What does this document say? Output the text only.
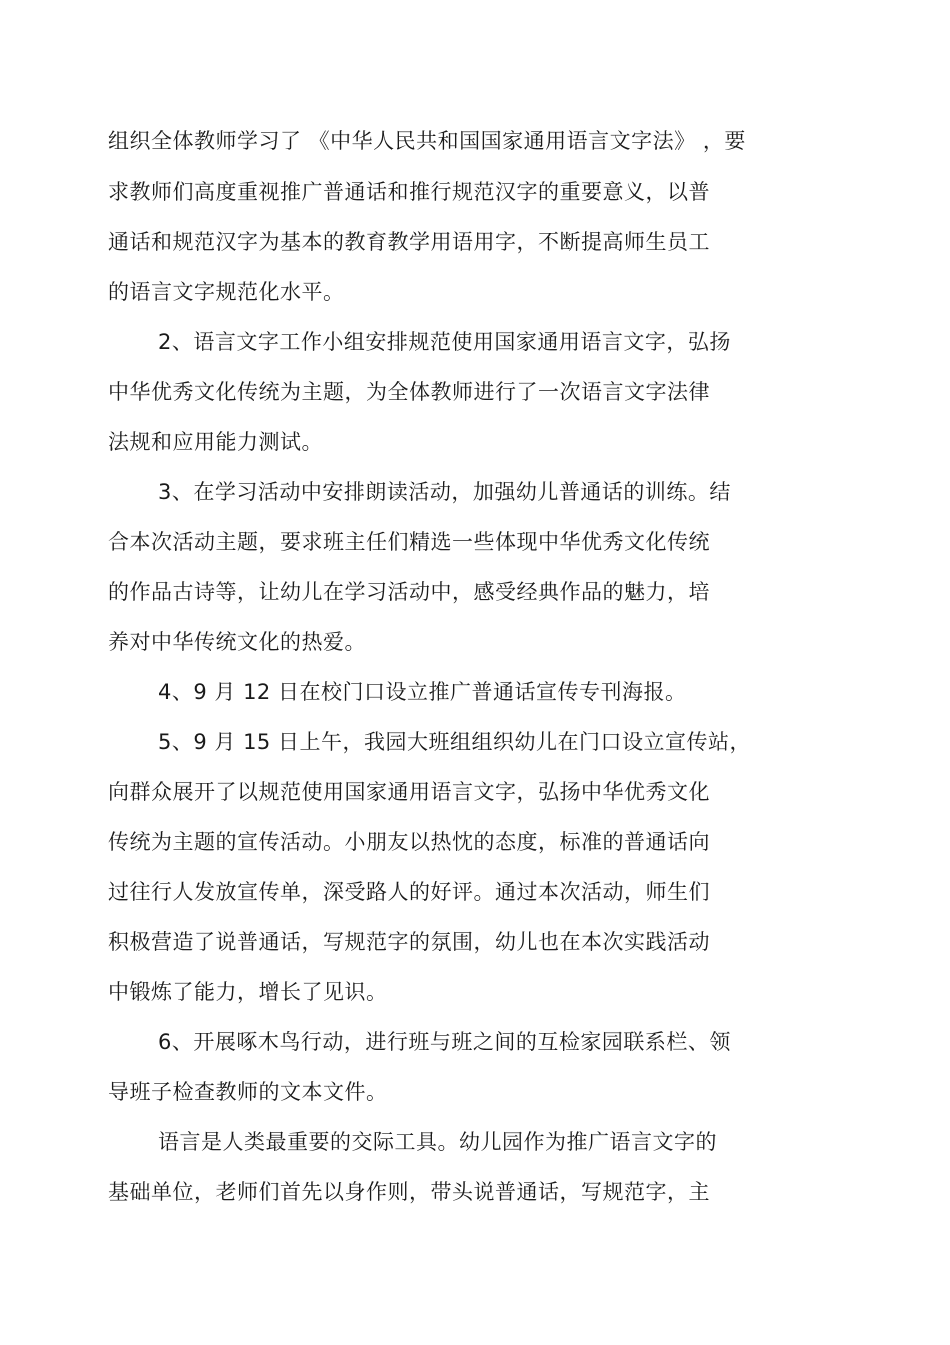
组织全体教师学习了 《中华人民共和国国家通用语言文字法》 ，要
求教师们高度重视推广普通话和推行规范汉字的重要意义，以普
通话和规范汉字为基本的教育教学用语用字，不断提高师生员工
的语言文字规范化水平。
2、语言文字工作小组安排规范使用国家通用语言文字，弘扬
中华优秀文化传统为主题，为全体教师进行了一次语言文字法律
法规和应用能力测试。
3、在学习活动中安排朗读活动，加强幼儿普通话的训练。结
合本次活动主题，要求班主任们精选一些体现中华优秀文化传统
的作品古诗等，让幼儿在学习活动中，感受经典作品的魅力，培
养对中华传统文化的热爱。
4、9 月 12 日在校门口设立推广普通话宣传专刊海报。
5、9 月 15 日上午，我园大班组组织幼儿在门口设立宣传站，
向群众展开了以规范使用国家通用语言文字，弘扬中华优秀文化
传统为主题的宣传活动。小朋友以热忱的态度，标准的普通话向
过往行人发放宣传单，深受路人的好评。通过本次活动，师生们
积极营造了说普通话，写规范字的氛围，幼儿也在本次实践活动
中锻炼了能力，增长了见识。
6、开展啄木鸟行动，进行班与班之间的互检家园联系栏、领
导班子检查教师的文本文件。
语言是人类最重要的交际工具。幼儿园作为推广语言文字的
基础单位，老师们首先以身作则，带头说普通话，写规范字，主
